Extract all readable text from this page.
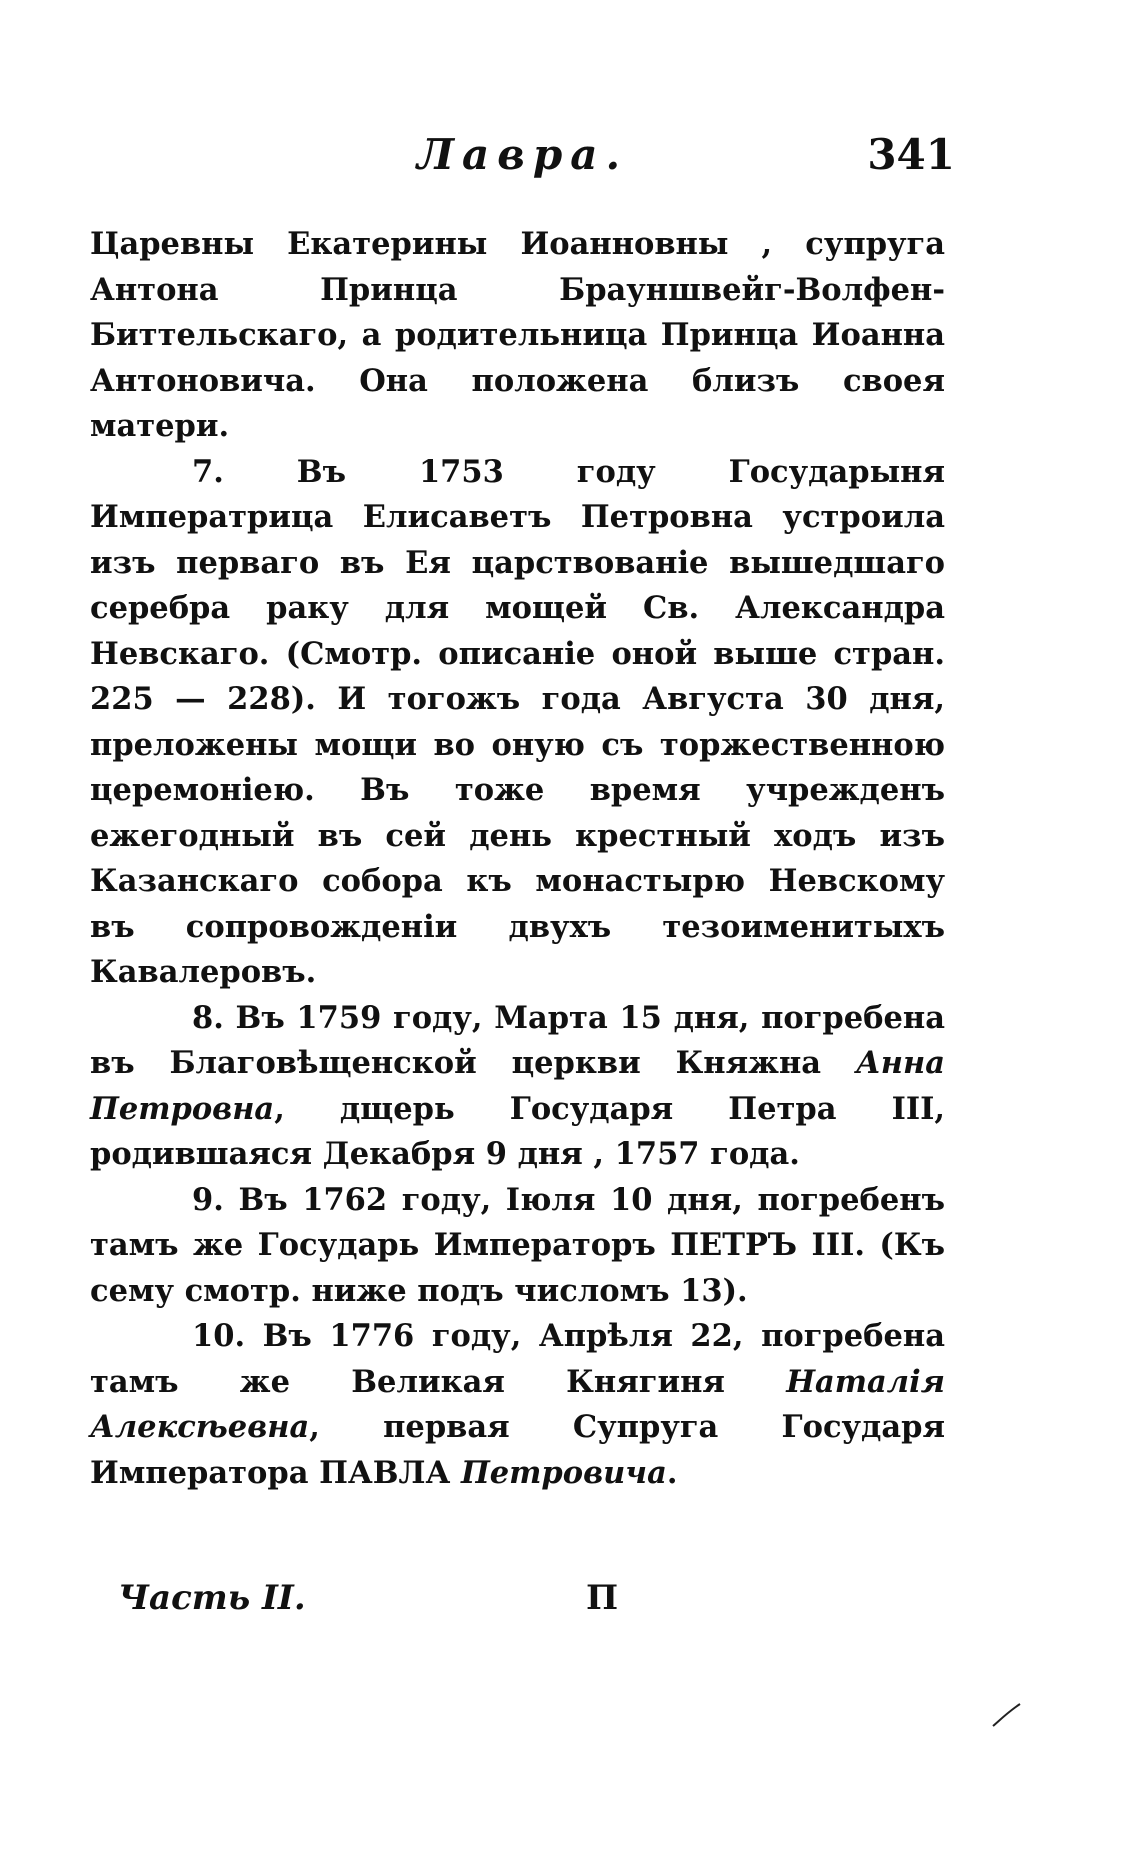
Лавра.	341

Царевны Екатерины Иоанновны , супруга Антона Принца Брауншвейг-Волфен-Биттельскаго, а родительница Принца Иоанна Антоновича. Она положена близъ своея матери.

7. Въ 1753 году Государыня Императрица Елисаветъ Петровна устроила изъ перваго въ Ея царствованіе вышедшаго серебра раку для мощей Св. Александра Невскаго. (Смотр. описаніе оной выше стран. 225 — 228). И тогожъ года Августа 30 дня, преложены мощи во оную съ торжественною церемоніею. Въ тоже время учрежденъ ежегодный въ сей день крестный ходъ изъ Казанскаго собора къ монастырю Невскому въ сопровожденіи двухъ тезоименитыхъ Кавалеровъ.

8. Въ 1759 году, Марта 15 дня, погребена въ Благовѣщенской церкви Княжна Анна Петровна, дщерь Государя Петра III, родившаяся Декабря 9 дня , 1757 года.

9. Въ 1762 году, Іюля 10 дня, погребенъ тамъ же Государь Императоръ ПЕТРЪ III. (Къ сему смотр. ниже подъ числомъ 13).

10. Въ 1776 году, Апрѣля 22, погребена тамъ же Великая Княгиня Наталія Алексѣевна, первая Супруга Государя Императора ПАВЛА Петровича.

Часть II.	П
